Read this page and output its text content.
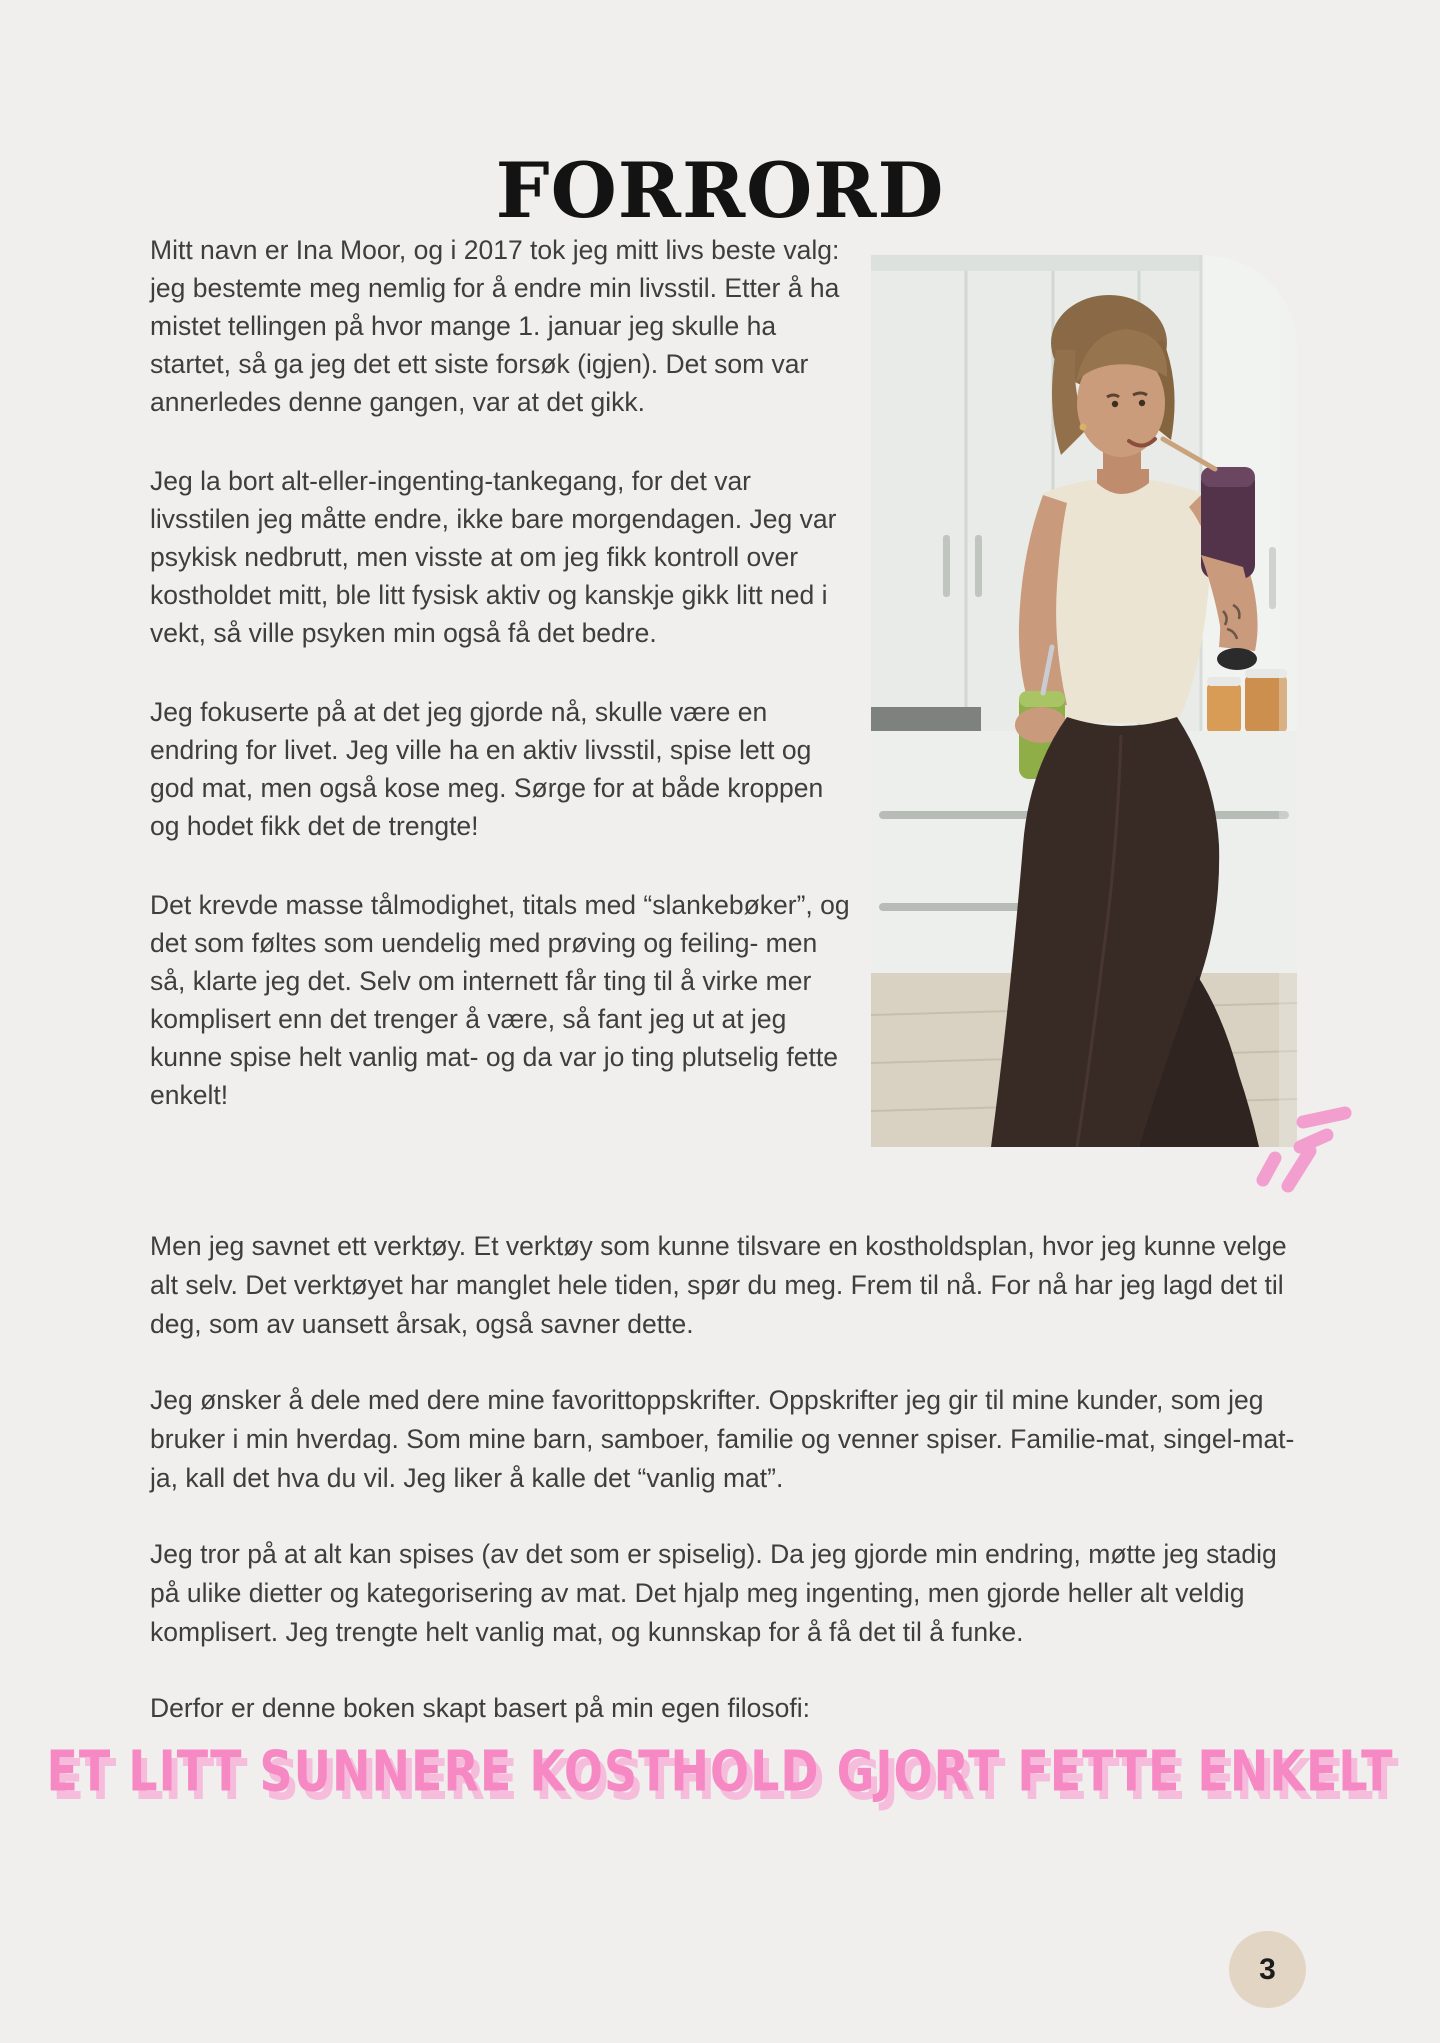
FORRORD

Mitt navn er Ina Moor, og i 2017 tok jeg mitt livs beste valg: jeg bestemte meg nemlig for å endre min livsstil. Etter å ha mistet tellingen på hvor mange 1. januar jeg skulle ha startet, så ga jeg det ett siste forsøk (igjen). Det som var annerledes denne gangen, var at det gikk.

Jeg la bort alt-eller-ingenting-tankegang, for det var livsstilen jeg måtte endre, ikke bare morgendagen. Jeg var psykisk nedbrutt, men visste at om jeg fikk kontroll over kostholdet mitt, ble litt fysisk aktiv og kanskje gikk litt ned i vekt, så ville psyken min også få det bedre.

Jeg fokuserte på at det jeg gjorde nå, skulle være en endring for livet. Jeg ville ha en aktiv livsstil, spise lett og god mat, men også kose meg. Sørge for at både kroppen og hodet fikk det de trengte!

Det krevde masse tålmodighet, titals med “slankebøker”, og det som føltes som uendelig med prøving og feiling- men så, klarte jeg det. Selv om internett får ting til å virke mer komplisert enn det trenger å være, så fant jeg ut at jeg kunne spise helt vanlig mat- og da var jo ting plutselig fette enkelt!

Men jeg savnet ett verktøy. Et verktøy som kunne tilsvare en kostholdsplan, hvor jeg kunne velge alt selv. Det verktøyet har manglet hele tiden, spør du meg. Frem til nå. For nå har jeg lagd det til deg, som av uansett årsak, også savner dette.

Jeg ønsker å dele med dere mine favorittoppskrifter. Oppskrifter jeg gir til mine kunder, som jeg bruker i min hverdag. Som mine barn, samboer, familie og venner spiser. Familie-mat, singel-mat- ja, kall det hva du vil. Jeg liker å kalle det “vanlig mat”.

Jeg tror på at alt kan spises (av det som er spiselig). Da jeg gjorde min endring, møtte jeg stadig på ulike dietter og kategorisering av mat. Det hjalp meg ingenting, men gjorde heller alt veldig komplisert. Jeg trengte helt vanlig mat, og kunnskap for å få det til å funke.

Derfor er denne boken skapt basert på min egen filosofi:

ET LITT SUNNERE KOSTHOLD GJORT FETTE ENKELT
3
